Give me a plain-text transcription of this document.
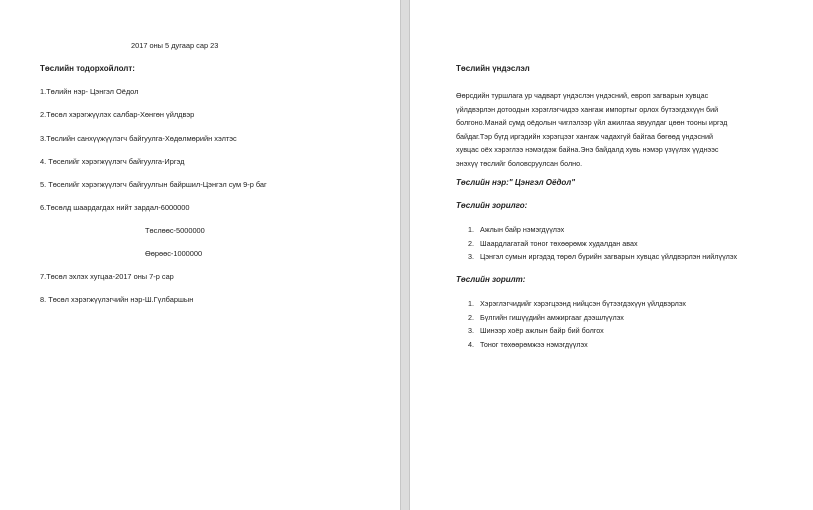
2017 оны 5 дугаар сар 23
Төслийн тодорхойлолт:
1.Төлийн нэр- Цэнгэл Оёдол
2.Төсөл хэрэгжүүлэх салбар-Хөнгөн үйлдвэр
3.Төслийн санхүүжүүлэгч байгуулга-Хөдөлмөрийн хэлтэс
4. Төселийг хэрэгжүүлэгч байгуулга-Иргэд
5. Төселийг хэрэгжүүлэгч байгуулгын байршил-Цэнгэл сум 9-р баг
6.Төсөлд шаардагдах нийт зардал-6000000
Төслөөс-5000000
Өөрөөс-1000000
7.Төсөл эхлэх хугцаа-2017 оны 7-р сар
8. Төсөл хэрэгжүүлэгчийн нэр-Ш.Гүлбаршын
Төслийн үндэслэл
Өөрсдийн туршлага ур чадварт үндэслэн үндэсний, европ загварын хувцас
үйлдвэрлэн дотоодын хэрэглэгчидээ хангаж импортыг орлох бүтээгдэхүүн бий
болгоно.Манай сумд оёдолын чиглэлээр үйл ажилгаа явуулдаг цөөн тооны иргэд
байдаг.Тэр бүгд иргэдийн хэрэгцээг хангаж чадахгүй байгаа бөгөөд үндэсний
хувцас оёх хэрэглээ нэмэгдэж байна.Энэ байдалд хувь нэмэр үзүүлэх үүднээс
энэхүү төслийг боловсруулсан болно.
Төслийн нэр:" Цэнгэл Оёдол"
Төслийн зорилго:
1. Ажлын байр нэмэгдүүлэх
2. Шаардлагатай тоног төхөөрөмж худалдан авах
3. Цэнгэл сумын иргэдэд төрөл бүрийн загварын хувцас үйлдвэрлэн нийлүүлэх
Төслийн зорилт:
1. Хэрэглэгчидийг хэрэгцээнд нийцсэн бүтээгдэхүүн үйлдвэрлэх
2. Бүлгийн гишүүдийн амжиргааг дээшлүүлэх
3. Шинээр хоёр ажлын байр бий болгох
4. Тоног төхөөрөмжээ нэмэгдүүлэх
